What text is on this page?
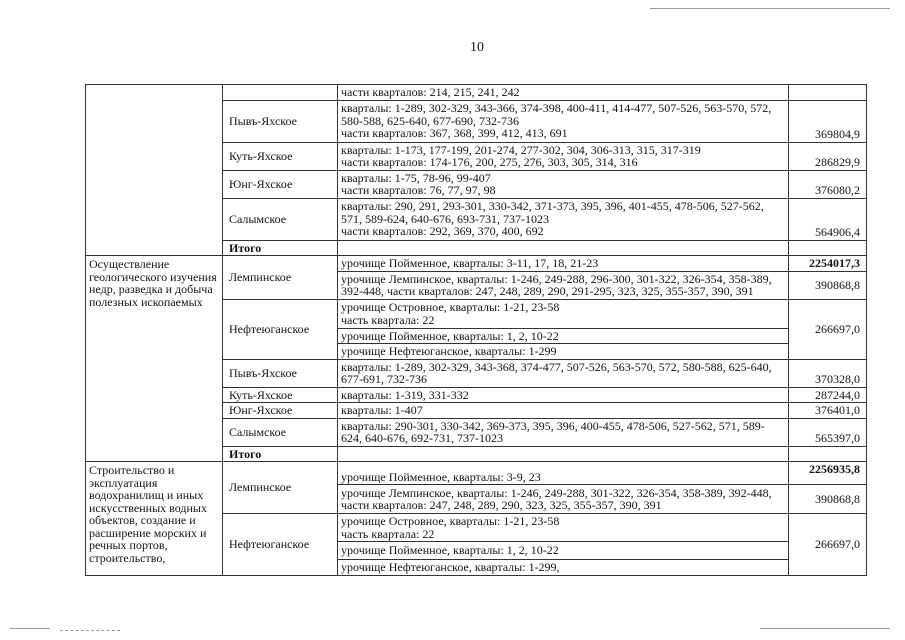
10

		части кварталов: 214, 215, 241, 242	

	Пывъ-Яхское	кварталы: 1-289, 302-329, 343-366, 374-398, 400-411, 414-477, 507-526, 563-570, 572,
580-588, 625-640, 677-690, 732-736
части кварталов: 367, 368, 399, 412, 413, 691	369804,9
	Куть-Яхское	кварталы: 1-173, 177-199, 201-274, 277-302, 304, 306-313, 315, 317-319
части кварталов: 174-176, 200, 275, 276, 303, 305, 314, 316	286829,9
	Юнг-Яхское	кварталы: 1-75, 78-96, 99-407
части кварталов: 76, 77, 97, 98	376080,2
	Салымское	кварталы: 290, 291, 293-301, 330-342, 371-373, 395, 396, 401-455, 478-506, 527-562,
571, 589-624, 640-676, 693-731, 737-1023
части кварталов: 292, 369, 370, 400, 692	564906,4
	Итого		
Осуществление геологического изучения недр, разведка и добыча полезных ископаемых	Лемпинское	урочище Пойменное, кварталы: 3-11, 17, 18, 21-23	2254017,3

		урочище Лемпинское, кварталы: 1-246, 249-288, 296-300, 301-322, 326-354, 358-389,
392-448, части кварталов: 247, 248, 289, 290, 291-295, 323, 325, 355-357, 390, 391	390868,8
	Нефтеюганское	урочище Островное, кварталы: 1-21, 23-58
часть квартала: 22	266697,0

		урочище Пойменное, кварталы: 1, 2, 10-22	

		урочище Нефтеюганское, кварталы: 1-299	

	Пывъ-Яхское	кварталы: 1-289, 302-329, 343-368, 374-477, 507-526, 563-570, 572, 580-588, 625-640,
677-691, 732-736	370328,0
	Куть-Яхское	кварталы: 1-319, 331-332	287244,0
	Юнг-Яхское	кварталы: 1-407	376401,0
	Салымское	кварталы: 290-301, 330-342, 369-373, 395, 396, 400-455, 478-506, 527-562, 571, 589-
624, 640-676, 692-731, 737-1023	565397,0
	Итого		
Строительство и эксплуатация водохранилищ и иных искусственных водных объектов, создание и расширение морских и речных портов, строительство,	Лемпинское	урочище Пойменное, кварталы: 3-9, 23	2256935,8

		урочище Лемпинское, кварталы: 1-246, 249-288, 301-322, 326-354, 358-389, 392-448,
части кварталов: 247, 248, 289, 290, 323, 325, 355-357, 390, 391	390868,8
	Нефтеюганское	урочище Островное, кварталы: 1-21, 23-58
часть квартала: 22	266697,0

		урочище Пойменное, кварталы: 1, 2, 10-22	

		урочище Нефтеюганское, кварталы: 1-299,	
